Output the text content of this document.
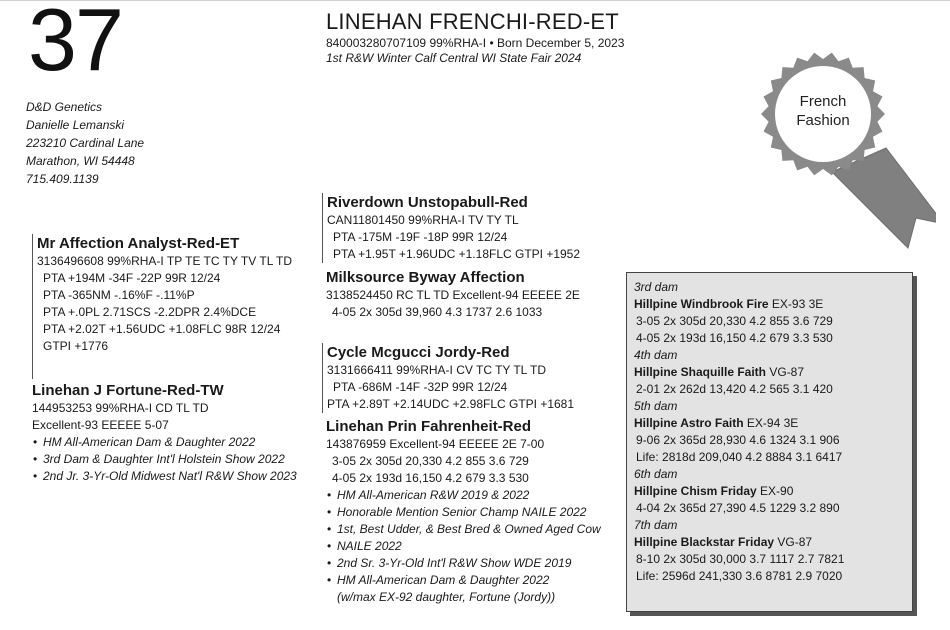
37
D&D Genetics
Danielle Lemanski
223210 Cardinal Lane
Marathon, WI 54448
715.409.1139
LINEHAN FRENCHI-RED-ET
840003280707109 99%RHA-I • Born December 5, 2023
1st R&W Winter Calf Central WI State Fair 2024
French
Fashion
Mr Affection Analyst-Red-ET
3136496608 99%RHA-I TP TE TC TY TV TL TD
PTA +194M -34F -22P 99R 12/24
PTA -365NM -.16%F -.11%P
PTA +.0PL 2.71SCS -2.2DPR 2.4%DCE
PTA +2.02T +1.56UDC +1.08FLC 98R 12/24
GTPI +1776
Linehan J Fortune-Red-TW
144953253 99%RHA-I CD TL TD
Excellent-93 EEEEE 5-07
• HM All-American Dam & Daughter 2022
• 3rd Dam & Daughter Int'l Holstein Show 2022
• 2nd Jr. 3-Yr-Old Midwest Nat'l R&W Show 2023
Riverdown Unstopabull-Red
CAN11801450 99%RHA-I TV TY TL
PTA -175M -19F -18P 99R 12/24
PTA +1.95T +1.96UDC +1.18FLC GTPI +1952
Milksource Byway Affection
3138524450 RC TL TD Excellent-94 EEEEE 2E
4-05 2x 305d 39,960 4.3 1737 2.6 1033
Cycle Mcgucci Jordy-Red
3131666411 99%RHA-I CV TC TY TL TD
PTA -686M -14F -32P 99R 12/24
PTA +2.89T +2.14UDC +2.98FLC GTPI +1681
Linehan Prin Fahrenheit-Red
143876959 Excellent-94 EEEEE 2E 7-00
3-05 2x 305d 20,330 4.2 855 3.6 729
4-05 2x 193d 16,150 4.2 679 3.3 530
• HM All-American R&W 2019 & 2022
• Honorable Mention Senior Champ NAILE 2022
• 1st, Best Udder, & Best Bred & Owned Aged Cow
• NAILE 2022
• 2nd Sr. 3-Yr-Old Int'l R&W Show WDE 2019
• HM All-American Dam & Daughter 2022
(w/max EX-92 daughter, Fortune (Jordy))
3rd dam
Hillpine Windbrook Fire EX-93 3E
3-05 2x 305d 20,330 4.2 855 3.6 729
4-05 2x 193d 16,150 4.2 679 3.3 530
4th dam
Hillpine Shaquille Faith VG-87
2-01 2x 262d 13,420 4.2 565 3.1 420
5th dam
Hillpine Astro Faith EX-94 3E
9-06 2x 365d 28,930 4.6 1324 3.1 906
Life: 2818d 209,040 4.2 8884 3.1 6417
6th dam
Hillpine Chism Friday EX-90
4-04 2x 365d 27,390 4.5 1229 3.2 890
7th dam
Hillpine Blackstar Friday VG-87
8-10 2x 305d 30,000 3.7 1117 2.7 7821
Life: 2596d 241,330 3.6 8781 2.9 7020
